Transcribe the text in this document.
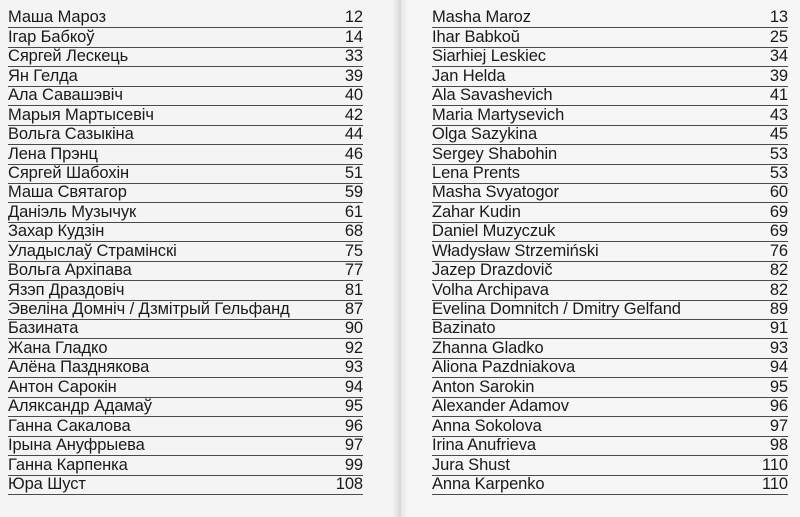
Маша Мароз	12
Ігар Бабкоў	14
Сяргей Лескець	33
Ян Гелда	39
Ала Савашэвіч	40
Марыя Мартысевіч	42
Вольга Сазыкіна	44
Лена Прэнц	46
Сяргей Шабохін	51
Маша Святагор	59
Даніэль Музычук	61
Захар Кудзін	68
Уладыслаў Страмінскі	75
Вольга Архіпава	77
Язэп Драздовіч	81
Эвеліна Домніч / Дзмітрый Гельфанд	87
Базината	90
Жана Гладко	92
Алёна Пазднякова	93
Антон Сарокін	94
Аляксандр Адамаў	95
Ганна Сакалова	96
Ірына Ануфрыева	97
Ганна Карпенка	99
Юра Шуст	108
Masha Maroz	13
Ihar Babkoŭ	25
Siarhiej Leskiec	34
Jan Helda	39
Ala Savashevich	41
Maria Martysevich	43
Olga Sazykina	45
Sergey Shabohin	53
Lena Prents	53
Masha Svyatogor	60
Zahar Kudin	69
Daniel Muzyczuk	69
Władysław Strzemiński	76
Jazep Drazdovič	82
Volha Archipava	82
Evelina Domnitch / Dmitry Gelfand	89
Bazinato	91
Zhanna Gladko	93
Aliona Pazdniakova	94
Anton Sarokin	95
Alexander Adamov	96
Anna Sokolova	97
Irina Anufrieva	98
Jura Shust	110
Anna Karpenko	110
